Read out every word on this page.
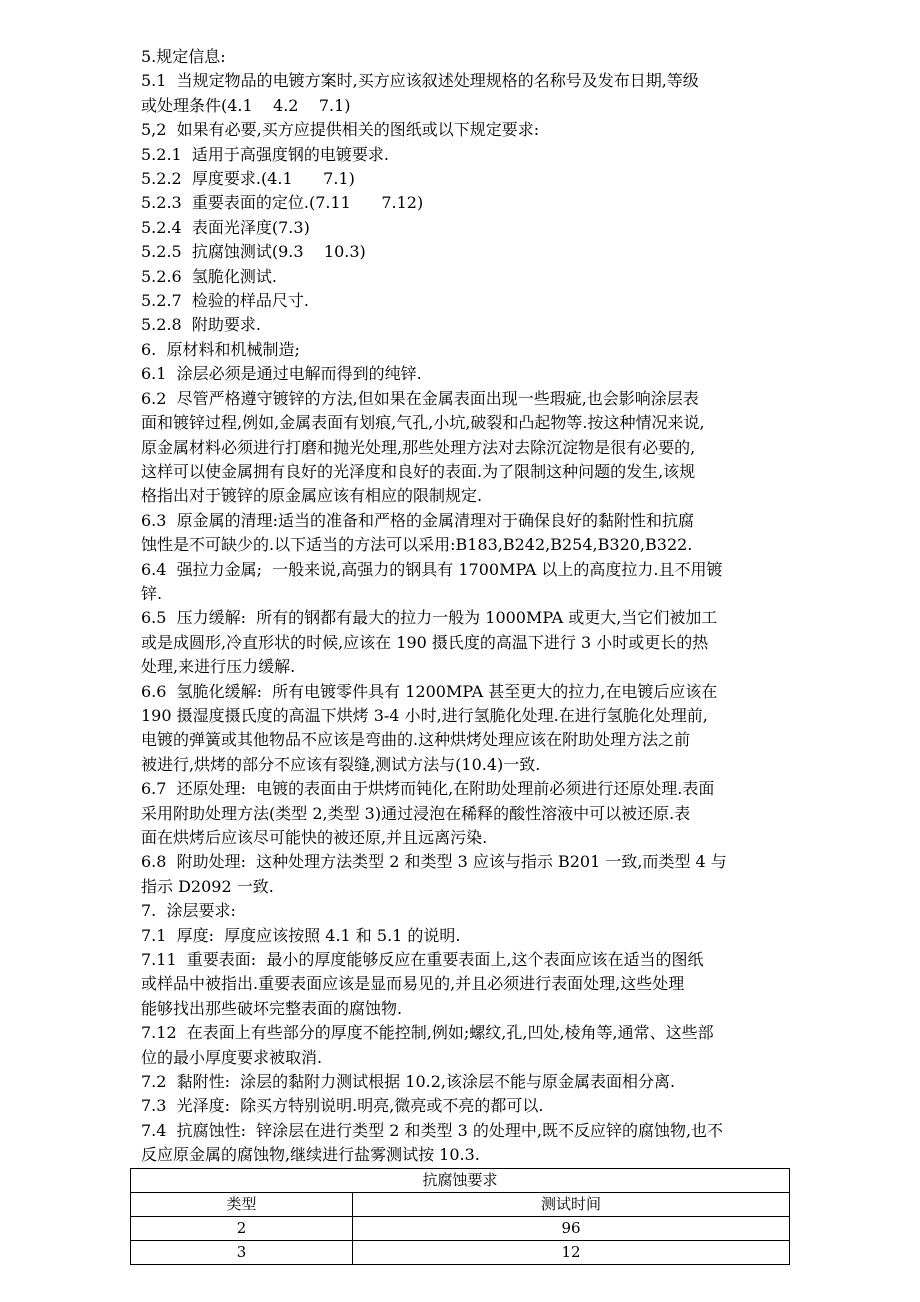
5.规定信息:

5.1  当规定物品的电镀方案时,买方应该叙述处理规格的名称号及发布日期,等级

或处理条件(4.1    4.2    7.1)

5,2  如果有必要,买方应提供相关的图纸或以下规定要求:

5.2.1  适用于高强度钢的电镀要求.

5.2.2  厚度要求.(4.1      7.1)

5.2.3  重要表面的定位.(7.11      7.12)

5.2.4  表面光泽度(7.3)

5.2.5  抗腐蚀测试(9.3    10.3)

5.2.6  氢脆化测试.

5.2.7  检验的样品尺寸.

5.2.8  附助要求.

6.  原材料和机械制造;

6.1  涂层必须是通过电解而得到的纯锌.

6.2  尽管严格遵守镀锌的方法,但如果在金属表面出现一些瑕疵,也会影响涂层表

面和镀锌过程,例如,金属表面有划痕,气孔,小坑,破裂和凸起物等.按这种情况来说,

原金属材料必须进行打磨和抛光处理,那些处理方法对去除沉淀物是很有必要的,

这样可以使金属拥有良好的光泽度和良好的表面.为了限制这种问题的发生,该规

格指出对于镀锌的原金属应该有相应的限制规定.

6.3  原金属的清理:适当的准备和严格的金属清理对于确保良好的黏附性和抗腐

蚀性是不可缺少的.以下适当的方法可以采用:B183,B242,B254,B320,B322.

6.4  强拉力金属;  一般来说,高强力的钢具有 1700MPA 以上的高度拉力.且不用镀

锌.

6.5  压力缓解:  所有的钢都有最大的拉力一般为 1000MPA 或更大,当它们被加工

或是成圆形,冷直形状的时候,应该在 190 摄氏度的高温下进行 3 小时或更长的热

处理,来进行压力缓解.

6.6  氢脆化缓解:  所有电镀零件具有 1200MPA 甚至更大的拉力,在电镀后应该在

190 摄湿度摄氏度的高温下烘烤 3-4 小时,进行氢脆化处理.在进行氢脆化处理前,

电镀的弹簧或其他物品不应该是弯曲的.这种烘烤处理应该在附助处理方法之前

被进行,烘烤的部分不应该有裂缝,测试方法与(10.4)一致.

6.7  还原处理:  电镀的表面由于烘烤而钝化,在附助处理前必须进行还原处理.表面

采用附助处理方法(类型 2,类型 3)通过浸泡在稀释的酸性溶液中可以被还原.表

面在烘烤后应该尽可能快的被还原,并且远离污染.

6.8  附助处理:  这种处理方法类型 2 和类型 3 应该与指示 B201 一致,而类型 4 与

指示 D2092 一致.

7.  涂层要求:

7.1  厚度:  厚度应该按照 4.1 和 5.1 的说明.

7.11  重要表面:  最小的厚度能够反应在重要表面上,这个表面应该在适当的图纸

或样品中被指出.重要表面应该是显而易见的,并且必须进行表面处理,这些处理

能够找出那些破坏完整表面的腐蚀物.

7.12  在表面上有些部分的厚度不能控制,例如;螺纹,孔,凹处,棱角等,通常、这些部

位的最小厚度要求被取消.

7.2  黏附性:  涂层的黏附力测试根据 10.2,该涂层不能与原金属表面相分离.

7.3  光泽度:  除买方特别说明.明亮,微亮或不亮的都可以.

7.4  抗腐蚀性:  锌涂层在进行类型 2 和类型 3 的处理中,既不反应锌的腐蚀物,也不

反应原金属的腐蚀物,继续进行盐雾测试按 10.3.

抗腐蚀要求	
类型	测试时间
2	96
3	12
